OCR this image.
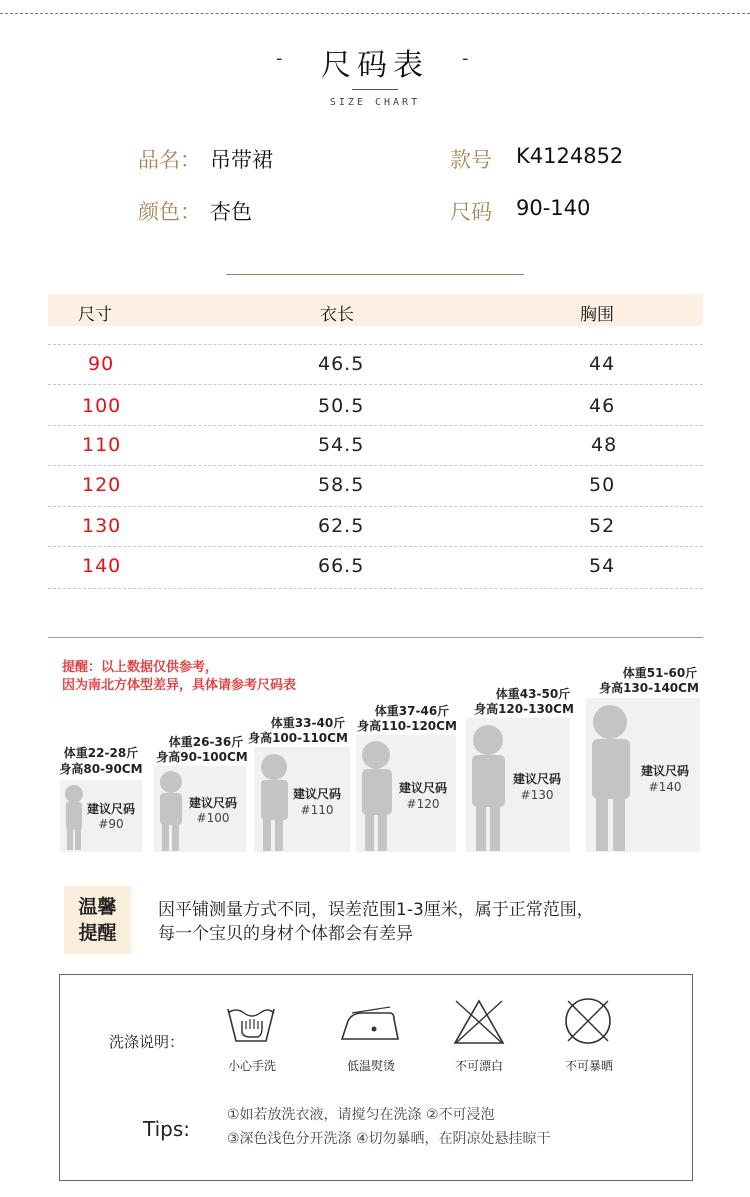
-	尺码表	-
SIZE CHART
品名： 吊带裙	款号 K4124852
颜色： 杏色	尺码 90-140
尺寸	衣长	胸围
90	46.5	44
100	50.5	46
110	54.5	48
120	58.5	50
130	62.5	52
140	66.5	54
提醒：以上数据仅供参考，
因为南北方体型差异，具体请参考尺码表
体重22-28斤
身高80-90CM
建议尺码
#90
体重26-36斤
身高90-100CM
建议尺码
#100
体重33-40斤
身高100-110CM
建议尺码
#110
体重37-46斤
身高110-120CM
建议尺码
#120
体重43-50斤
身高120-130CM
建议尺码
#130
体重51-60斤
身高130-140CM
建议尺码
#140
温馨
提醒
因平铺测量方式不同，误差范围1-3厘米，属于正常范围，
每一个宝贝的身材个体都会有差异
洗涤说明：
小心手洗	低温熨烫	不可漂白	不可暴晒
Tips:
①如若放洗衣液，请搅匀在洗涤 ②不可浸泡
③深色浅色分开洗涤 ④切勿暴晒，在阴凉处悬挂晾干
